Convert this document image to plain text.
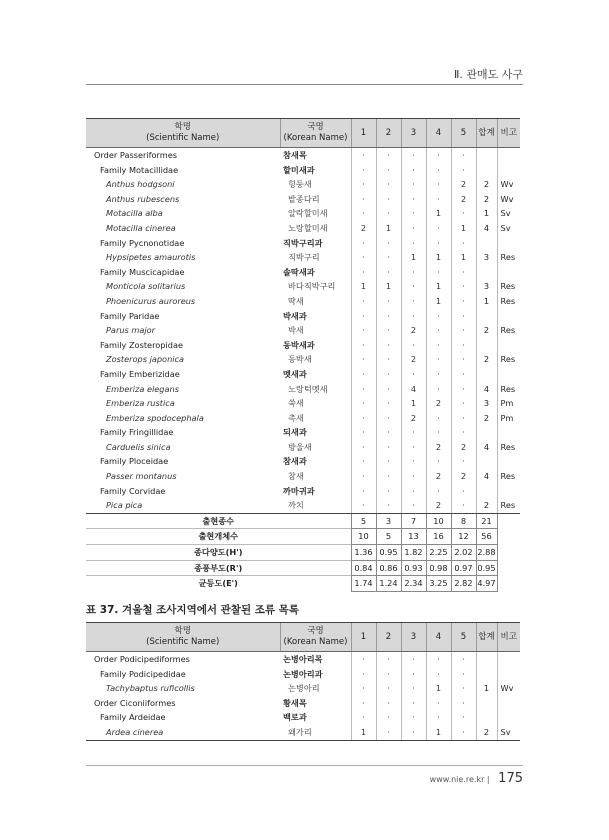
Ⅱ. 관매도 사구
학명
(Scientific Name)	국명
(Korean Name)	1	2	3	4	5	합계	비고
Order Passeriformes	참새목	·	·	·	·	·		
Family Motacillidae	할미새과	·	·	·	·	·		
Anthus hodgsoni	힝둥새	·	·	·	·	2	2	Wv
Anthus rubescens	밭종다리	·	·	·	·	2	2	Wv
Motacilla alba	알락할미새	·	·	·	1	·	1	Sv
Motacilla cinerea	노랑할미새	2	1	·	·	1	4	Sv
Family Pycnonotidae	직박구리과	·	·	·	·	·		
Hypsipetes amaurotis	직박구리	·	·	1	1	1	3	Res
Family Muscicapidae	솔딱새과	·	·	·	·	·		
Monticola solitarius	바다직박구리	1	1	·	1	·	3	Res
Phoenicurus auroreus	딱새	·	·	·	1	·	1	Res
Family Paridae	박새과	·	·	·	·	·		
Parus major	박새	·	·	2	·	·	2	Res
Family Zosteropidae	동박새과	·	·	·	·	·		
Zosterops japonica	동박새	·	·	2	·	·	2	Res
Family Emberizidae	멧새과	·	·	·	·	·		
Emberiza elegans	노랑턱멧새	·	·	4	·	·	4	Res
Emberiza rustica	쑥새	·	·	1	2	·	3	Pm
Emberiza spodocephala	촉새	·	·	2	·	·	2	Pm
Family Fringillidae	되새과	·	·	·	·	·		
Carduelis sinica	방울새	·	·	·	2	2	4	Res
Family Ploceidae	참새과	·	·	·	·	·		
Passer montanus	참새	·	·	·	2	2	4	Res
Family Corvidae	까마귀과	·	·	·	·	·		
Pica pica	까치	·	·	·	2	·	2	Res
출현종수		5	3	7	10	8	21	
출현개체수		10	5	13	16	12	56	
종다양도(H')		1.36	0.95	1.82	2.25	2.02	2.88	
종풍부도(R')		0.84	0.86	0.93	0.98	0.97	0.95	
균등도(E')		1.74	1.24	2.34	3.25	2.82	4.97	
표 37. 겨울철 조사지역에서 관찰된 조류 목록
학명
(Scientific Name)	국명
(Korean Name)	1	2	3	4	5	합계	비고
Order Podicipediformes	논병아리목	·	·	·	·	·		
Family Podicipedidae	논병아리과	·	·	·	·	·		
Tachybaptus ruficollis	논병아리	·	·	·	1	·	1	Wv
Order Ciconiiformes	황새목	·	·	·	·	·		
Family Ardeidae	백로과	·	·	·	·	·		
Ardea cinerea	왜가리	1	·	·	1	·	2	Sv
www.nie.re.kr | 175
